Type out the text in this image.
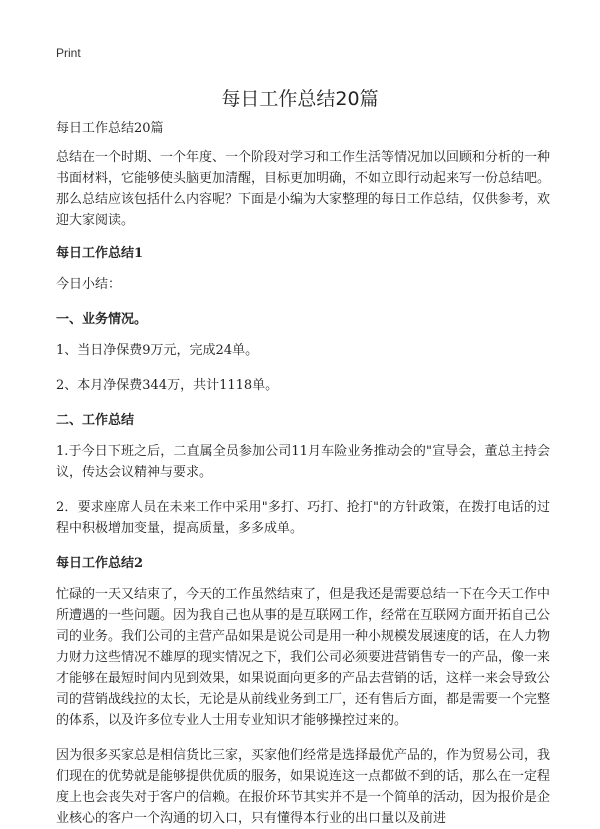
Print
每日工作总结20篇

每日工作总结20篇

总结在一个时期、一个年度、一个阶段对学习和工作生活等情况加以回顾和分析的一种书面材料，它能够使头脑更加清醒，目标更加明确，不如立即行动起来写一份总结吧。那么总结应该包括什么内容呢？下面是小编为大家整理的每日工作总结，仅供参考，欢迎大家阅读。

每日工作总结1

今日小结：

一、业务情况。

1、当日净保费9万元，完成24单。

2、本月净保费344万，共计1118单。

二、工作总结

1.于今日下班之后，二直属全员参加公司11月车险业务推动会的"宣导会，董总主持会议，传达会议精神与要求。

2．要求座席人员在未来工作中采用"多打、巧打、抢打"的方针政策，在拨打电话的过程中积极增加变量，提高质量，多多成单。

每日工作总结2

忙碌的一天又结束了，今天的工作虽然结束了，但是我还是需要总结一下在今天工作中所遭遇的一些问题。因为我自己也从事的是互联网工作，经常在互联网方面开拓自己公司的业务。我们公司的主营产品如果是说公司是用一种小规模发展速度的话，在人力物力财力这些情况不雄厚的现实情况之下，我们公司必须要进营销售专一的产品，像一来才能够在最短时间内见到效果，如果说面向更多的产品去营销的话，这样一来会导致公司的营销战线拉的太长，无论是从前线业务到工厂，还有售后方面，都是需要一个完整的体系，以及许多位专业人士用专业知识才能够操控过来的。

因为很多买家总是相信货比三家，买家他们经常是选择最优产品的，作为贸易公司，我们现在的优势就是能够提供优质的服务，如果说连这一点都做不到的话，那么在一定程度上也会丧失对于客户的信赖。在报价环节其实并不是一个简单的活动，因为报价是企业核心的客户一个沟通的切入口，只有懂得本行业的出口量以及前进
